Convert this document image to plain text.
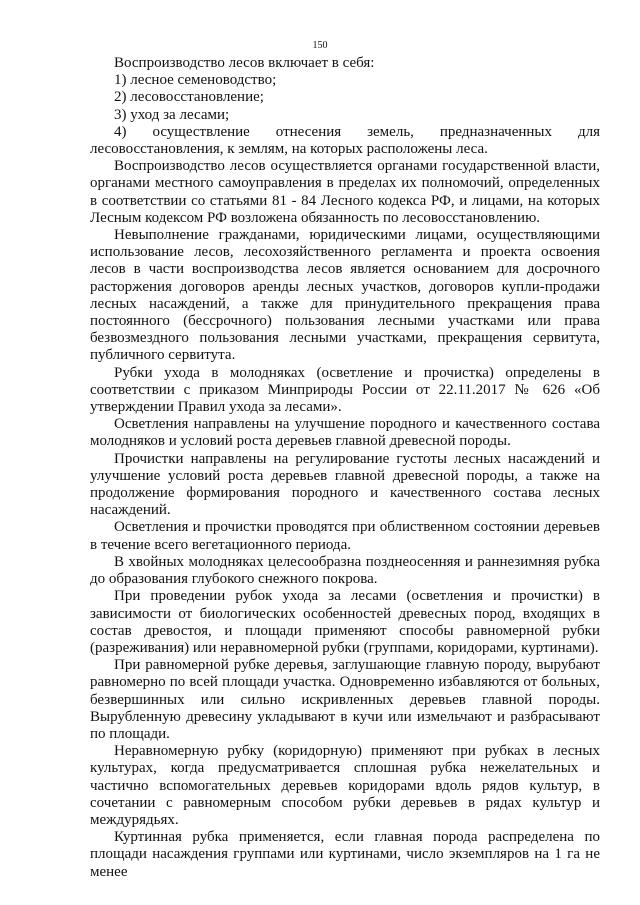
150

Воспроизводство лесов включает в себя:

1) лесное семеноводство;

2) лесовосстановление;

3) уход за лесами;

4) осуществление отнесения земель, предназначенных для лесовосстановления, к землям, на которых расположены леса.

Воспроизводство лесов осуществляется органами государственной власти, органами местного самоуправления в пределах их полномочий, определенных в соответствии со статьями 81 - 84 Лесного кодекса РФ, и лицами, на которых Лесным кодексом РФ возложена обязанность по лесовосстановлению.

Невыполнение гражданами, юридическими лицами, осуществляющими использование лесов, лесохозяйственного регламента и проекта освоения лесов в части воспроизводства лесов является основанием для досрочного расторжения договоров аренды лесных участков, договоров купли-продажи лесных насаждений, а также для принудительного прекращения права постоянного (бессрочного) пользования лесными участками или права безвозмездного пользования лесными участками, прекращения сервитута, публичного сервитута.

Рубки ухода в молодняках (осветление и прочистка) определены в соответствии с приказом Минприроды России от 22.11.2017 № 626 «Об утверждении Правил ухода за лесами».

Осветления направлены на улучшение породного и качественного состава молодняков и условий роста деревьев главной древесной породы.

Прочистки направлены на регулирование густоты лесных насаждений и улучшение условий роста деревьев главной древесной породы, а также на продолжение формирования породного и качественного состава лесных насаждений.

Осветления и прочистки проводятся при облиственном состоянии деревьев в течение всего вегетационного периода.

В хвойных молодняках целесообразна позднеосенняя и раннезимняя рубка до образования глубокого снежного покрова.

При проведении рубок ухода за лесами (осветления и прочистки) в зависимости от биологических особенностей древесных пород, входящих в состав древостоя, и площади применяют способы равномерной рубки (разреживания) или неравномерной рубки (группами, коридорами, куртинами).

При равномерной рубке деревья, заглушающие главную породу, вырубают равномерно по всей площади участка. Одновременно избавляются от больных, безвершинных или сильно искривленных деревьев главной породы. Вырубленную древесину укладывают в кучи или измельчают и разбрасывают по площади.

Неравномерную рубку (коридорную) применяют при рубках в лесных культурах, когда предусматривается сплошная рубка нежелательных и частично вспомогательных деревьев коридорами вдоль рядов культур, в сочетании с равномерным способом рубки деревьев в рядах культур и междурядьях.

Куртинная рубка применяется, если главная порода распределена по площади насаждения группами или куртинами, число экземпляров на 1 га не менее
